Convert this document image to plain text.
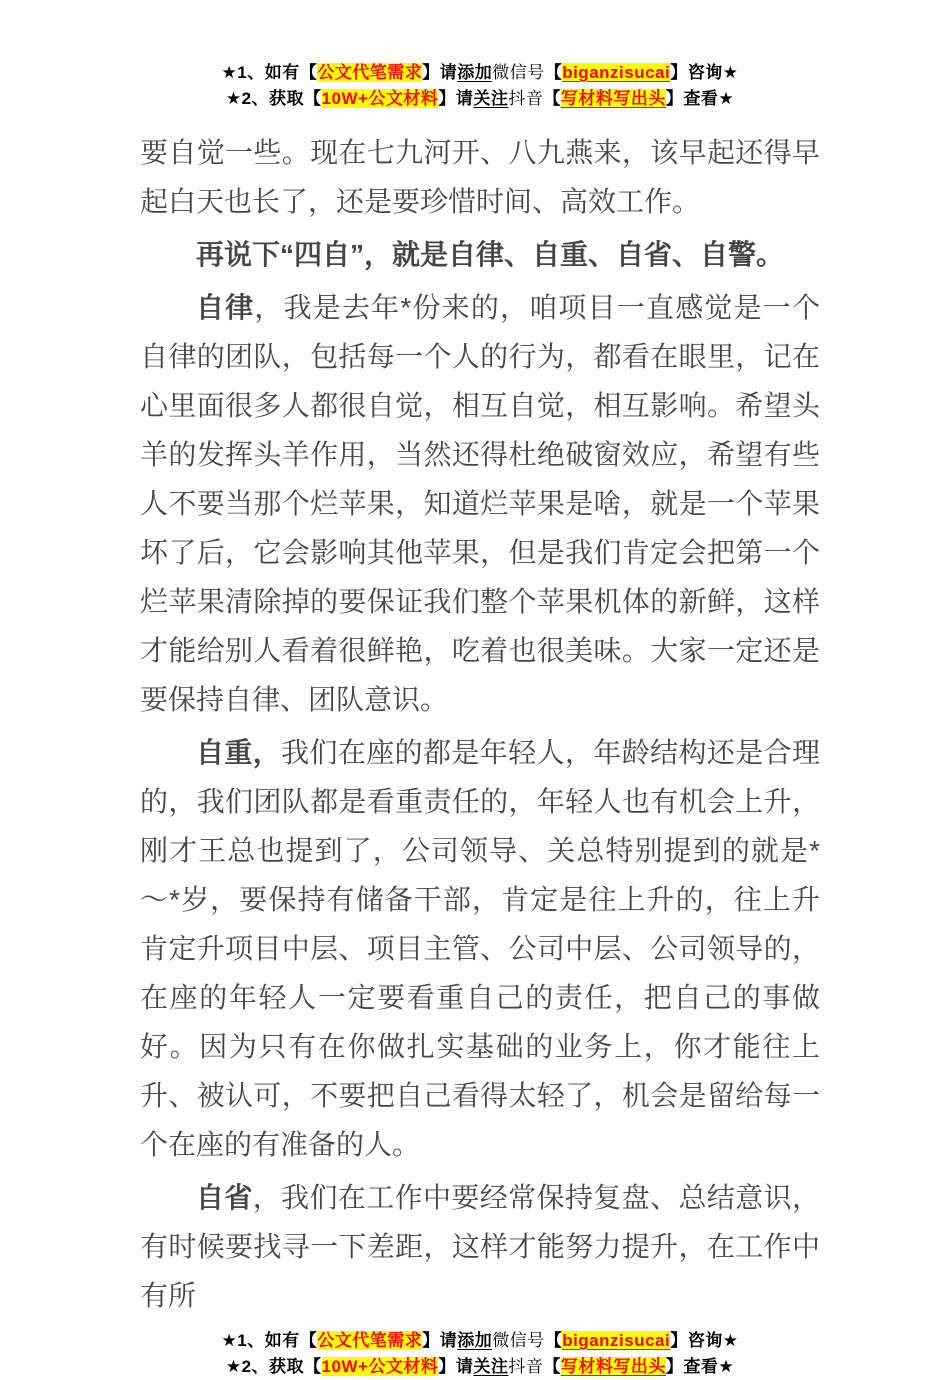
★1、如有【公文代笔需求】请添加微信号【biganzisucai】咨询★

★2、获取【10W+公文材料】请关注抖音【写材料写出头】查看★

要自觉一些。现在七九河开、八九燕来，该早起还得早起白天也长了，还是要珍惜时间、高效工作。

再说下“四自”，就是自律、自重、自省、自警。

自律，我是去年*份来的，咱项目一直感觉是一个自律的团队，包括每一个人的行为，都看在眼里，记在心里面很多人都很自觉，相互自觉，相互影响。希望头羊的发挥头羊作用，当然还得杜绝破窗效应，希望有些人不要当那个烂苹果，知道烂苹果是啥，就是一个苹果坏了后，它会影响其他苹果，但是我们肯定会把第一个烂苹果清除掉的要保证我们整个苹果机体的新鲜，这样才能给别人看着很鲜艳，吃着也很美味。大家一定还是要保持自律、团队意识。

自重，我们在座的都是年轻人，年龄结构还是合理的，我们团队都是看重责任的，年轻人也有机会上升，刚才王总也提到了，公司领导、关总特别提到的就是*～*岁，要保持有储备干部，肯定是往上升的，往上升肯定升项目中层、项目主管、公司中层、公司领导的，在座的年轻人一定要看重自己的责任，把自己的事做好。因为只有在你做扎实基础的业务上，你才能往上升、被认可，不要把自己看得太轻了，机会是留给每一个在座的有准备的人。

自省，我们在工作中要经常保持复盘、总结意识，有时候要找寻一下差距，这样才能努力提升，在工作中有所

★1、如有【公文代笔需求】请添加微信号【biganzisucai】咨询★

★2、获取【10W+公文材料】请关注抖音【写材料写出头】查看★
